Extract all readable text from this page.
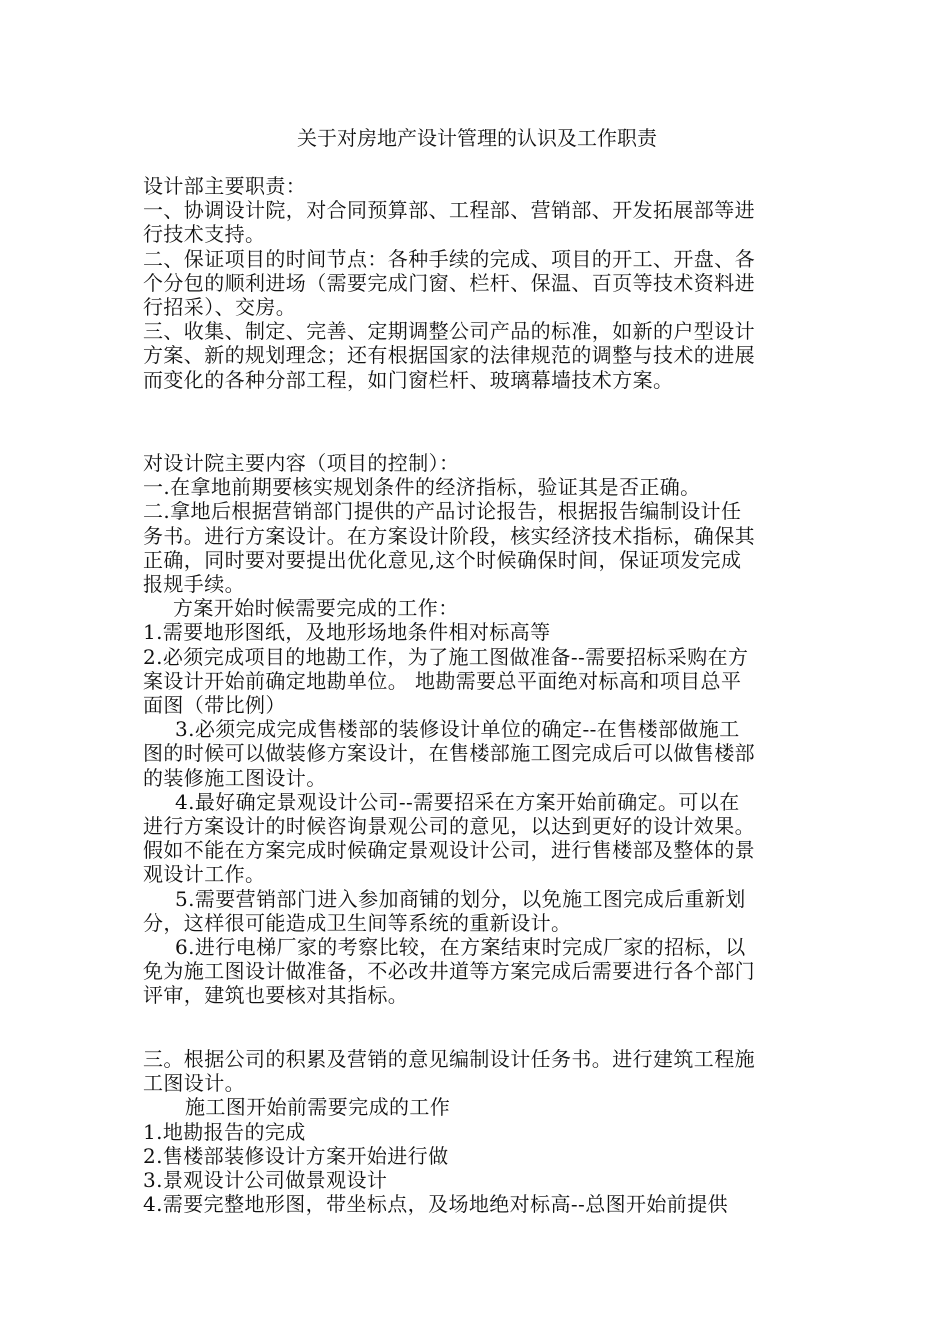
关于对房地产设计管理的认识及工作职责
设计部主要职责：
一、协调设计院，对合同预算部、工程部、营销部、开发拓展部等进
行技术支持。
二、保证项目的时间节点：各种手续的完成、项目的开工、开盘、各
个分包的顺利进场（需要完成门窗、栏杆、保温、百页等技术资料进
行招采）、交房。
三、收集、制定、完善、定期调整公司产品的标准，如新的户型设计
方案、新的规划理念；还有根据国家的法律规范的调整与技术的进展
而变化的各种分部工程，如门窗栏杆、玻璃幕墙技术方案。
对设计院主要内容（项目的控制）：
一.在拿地前期要核实规划条件的经济指标，验证其是否正确。
二.拿地后根据营销部门提供的产品讨论报告，根据报告编制设计任
务书。进行方案设计。在方案设计阶段，核实经济技术指标，确保其
正确，同时要对要提出优化意见,这个时候确保时间，保证项发完成
报规手续。
方案开始时候需要完成的工作：
1.需要地形图纸，及地形场地条件相对标高等
2.必须完成项目的地勘工作，为了施工图做准备--需要招标采购在方
案设计开始前确定地勘单位。 地勘需要总平面绝对标高和项目总平
面图（带比例）
3.必须完成完成售楼部的装修设计单位的确定--在售楼部做施工
图的时候可以做装修方案设计，在售楼部施工图完成后可以做售楼部
的装修施工图设计。
4.最好确定景观设计公司--需要招采在方案开始前确定。可以在
进行方案设计的时候咨询景观公司的意见，以达到更好的设计效果。
假如不能在方案完成时候确定景观设计公司，进行售楼部及整体的景
观设计工作。
5.需要营销部门进入参加商铺的划分，以免施工图完成后重新划
分，这样很可能造成卫生间等系统的重新设计。
6.进行电梯厂家的考察比较，在方案结束时完成厂家的招标，以
免为施工图设计做准备，不必改井道等方案完成后需要进行各个部门
评审，建筑也要核对其指标。
三。根据公司的积累及营销的意见编制设计任务书。进行建筑工程施
工图设计。
施工图开始前需要完成的工作
1.地勘报告的完成
2.售楼部装修设计方案开始进行做
3.景观设计公司做景观设计
4.需要完整地形图，带坐标点，及场地绝对标高--总图开始前提供
